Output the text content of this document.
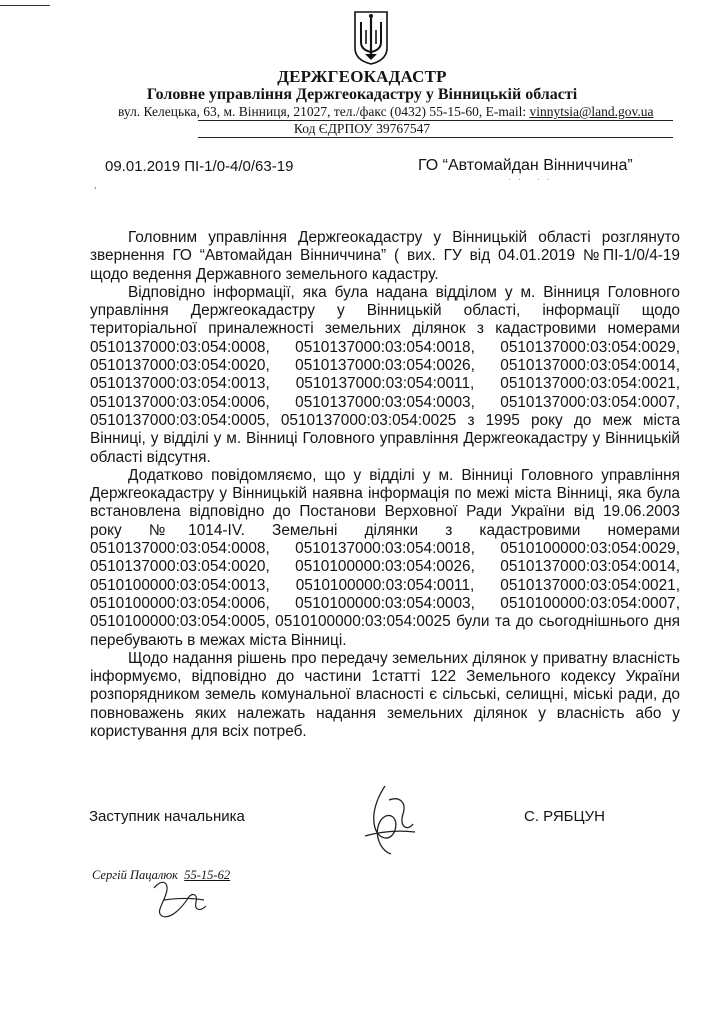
ДЕРЖГЕОКАДАСТР
Головне управління Держгеокадастру у Вінницькій області
вул. Келецька, 63, м. Вінниця, 21027, тел./факс (0432) 55-15-60, E-mail: vinnytsia@land.gov.ua
Код ЄДРПОУ 39767547
09.01.2019 ПІ-1/0-4/0/63-19	ГО “Автомайдан Вінниччина”
· ·   · ·
,

Головним управління Держгеокадастру у Вінницькій області розглянуто звернення ГО “Автомайдан Вінниччина” ( вих. ГУ від 04.01.2019 №ПІ-1/0/4-19 щодо ведення Державного земельного кадастру.

Відповідно інформації, яка була надана відділом у м. Вінниця Головного управління Держгеокадастру у Вінницькій області, інформації щодо територіальної приналежності земельних ділянок з кадастровими номерами 0510137000:03:054:0008, 0510137000:03:054:0018, 0510137000:03:054:0029, 0510137000:03:054:0020, 0510137000:03:054:0026, 0510137000:03:054:0014, 0510137000:03:054:0013, 0510137000:03:054:0011, 0510137000:03:054:0021, 0510137000:03:054:0006, 0510137000:03:054:0003, 0510137000:03:054:0007, 0510137000:03:054:0005, 0510137000:03:054:0025 з 1995 року до меж міста Вінниці, у відділі у м. Вінниці Головного управління Держгеокадастру у Вінницькій області відсутня.

Додатково повідомляємо, що у відділі у м. Вінниці Головного управління Держгеокадастру у Вінницькій наявна інформація по межі міста Вінниці, яка була встановлена відповідно до Постанови Верховної Ради України від 19.06.2003 року №1014-IV. Земельні ділянки з кадастровими номерами 0510137000:03:054:0008, 0510137000:03:054:0018, 0510100000:03:054:0029, 0510137000:03:054:0020, 0510100000:03:054:0026, 0510137000:03:054:0014, 0510100000:03:054:0013, 0510100000:03:054:0011, 0510137000:03:054:0021, 0510100000:03:054:0006, 0510100000:03:054:0003, 0510100000:03:054:0007, 0510100000:03:054:0005, 0510100000:03:054:0025 були та до сьогоднішнього дня перебувають в межах міста Вінниці.

Щодо надання рішень про передачу земельних ділянок у приватну власність інформуємо, відповідно до частини 1статті 122 Земельного кодексу України розпорядником земель комунальної власності є сільські, селищні, міські ради, до повноважень яких належать надання земельних ділянок у власність або у користування для всіх потреб.

Заступник начальника	С. РЯБЦУН
Сергій Пацалюк 55-15-62
